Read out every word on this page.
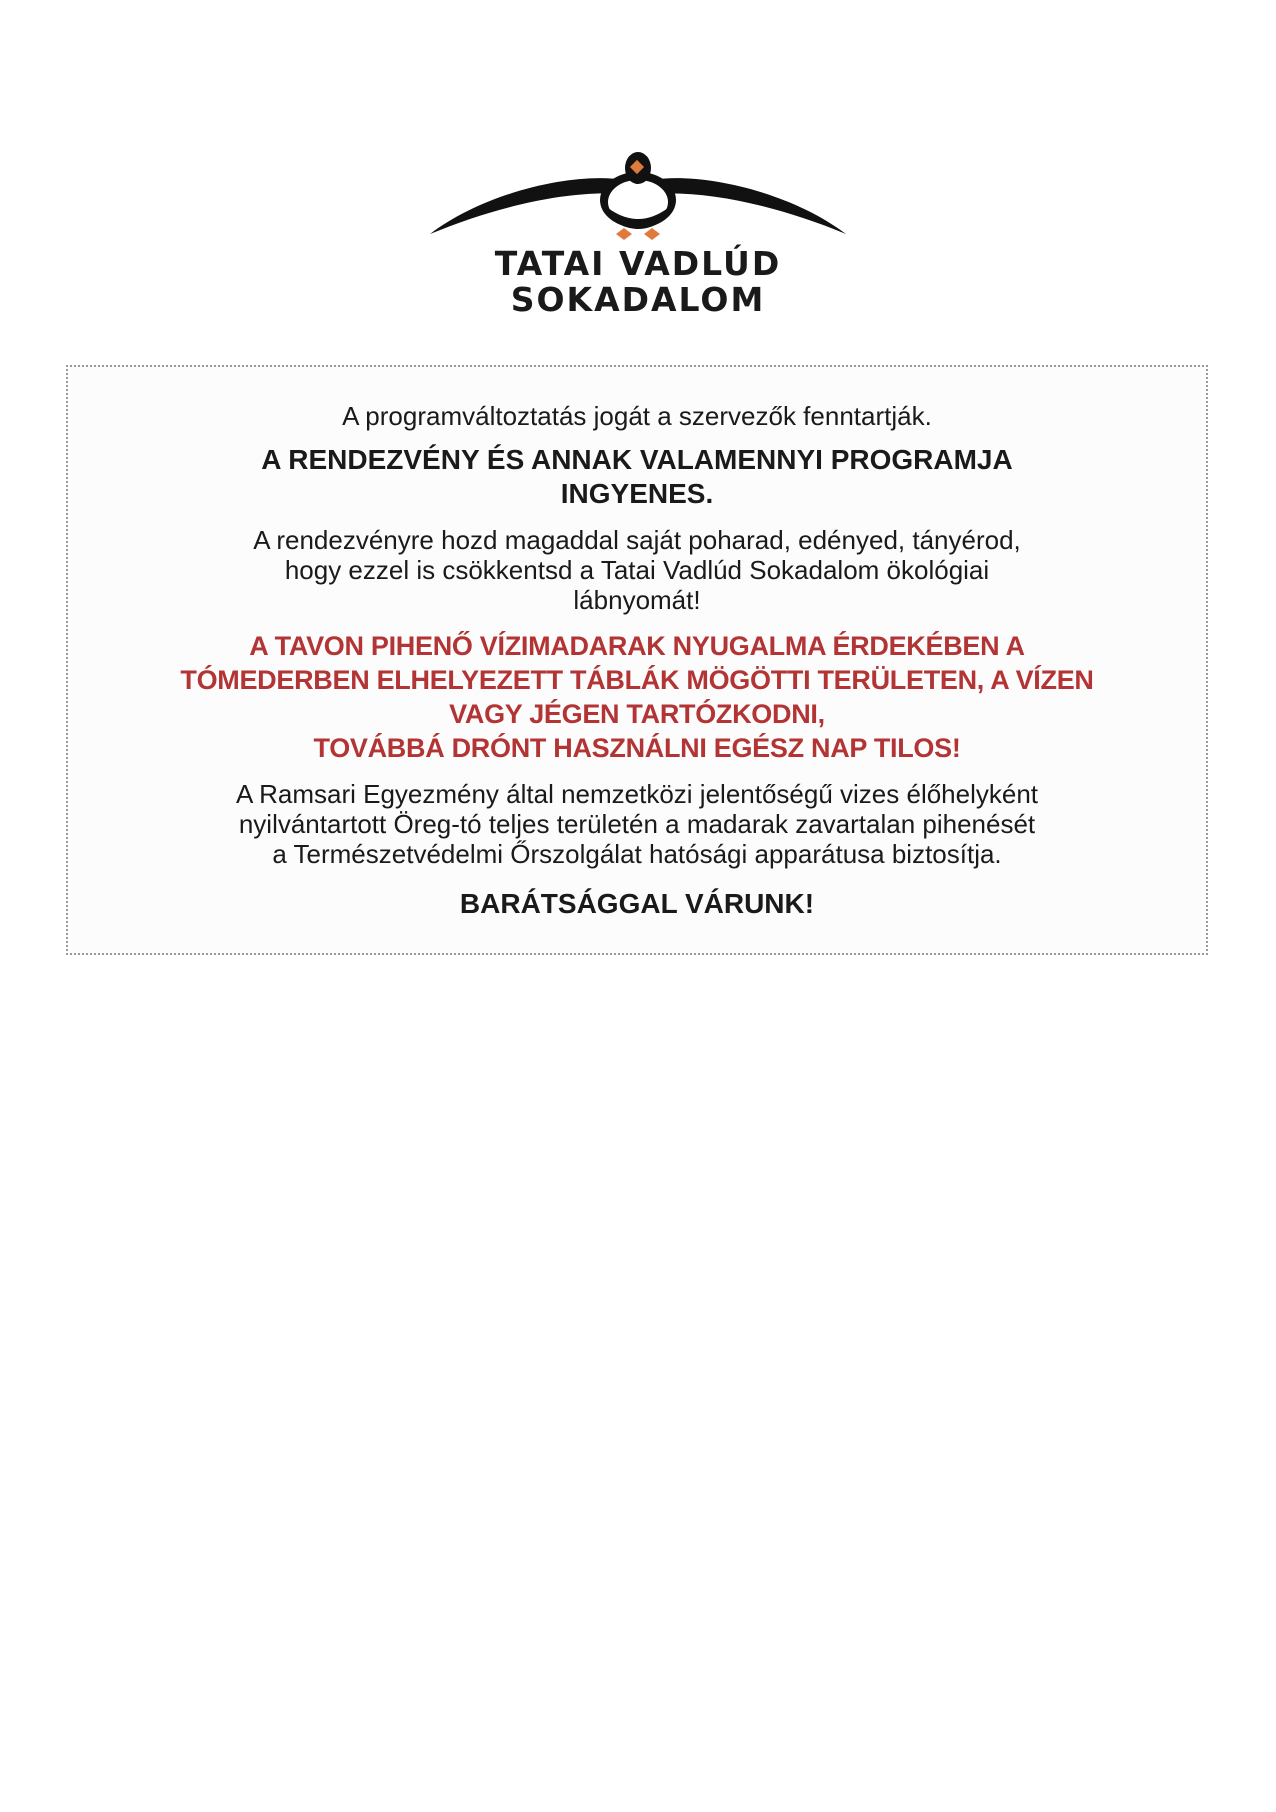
TATAI VADLÚD
SOKADALOM

A programváltoztatás jogát a szervezők fenntartják.

A RENDEZVÉNY ÉS ANNAK VALAMENNYI PROGRAMJA
INGYENES.

A rendezvényre hozd magaddal saját poharad, edényed, tányérod,
hogy ezzel is csökkentsd a Tatai Vadlúd Sokadalom ökológiai
lábnyomát!

A TAVON PIHENŐ VÍZIMADARAK NYUGALMA ÉRDEKÉBEN A
TÓMEDERBEN ELHELYEZETT TÁBLÁK MÖGÖTTI TERÜLETEN, A VÍZEN
VAGY JÉGEN TARTÓZKODNI,
TOVÁBBÁ DRÓNT HASZNÁLNI EGÉSZ NAP TILOS!

A Ramsari Egyezmény által nemzetközi jelentőségű vizes élőhelyként
nyilvántartott Öreg-tó teljes területén a madarak zavartalan pihenését
a Természetvédelmi Őrszolgálat hatósági apparátusa biztosítja.

BARÁTSÁGGAL VÁRUNK!
